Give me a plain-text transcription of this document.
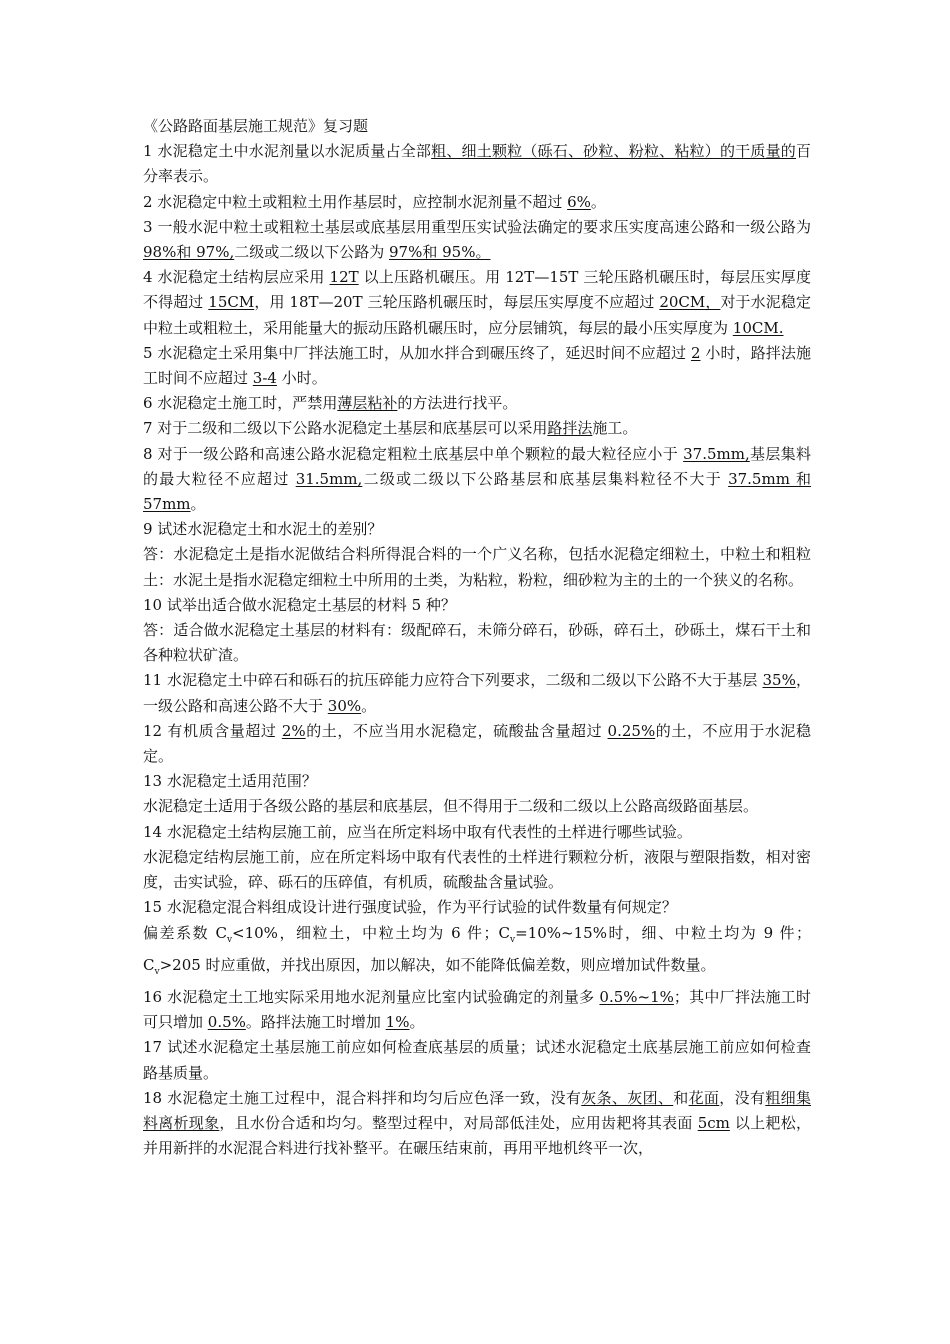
《公路路面基层施工规范》复习题

1 水泥稳定土中水泥剂量以水泥质量占全部粗、细土颗粒（砾石、砂粒、粉粒、粘粒）的干质量的百分率表示。

2 水泥稳定中粒土或粗粒土用作基层时，应控制水泥剂量不超过 6%。

3 一般水泥中粒土或粗粒土基层或底基层用重型压实试验法确定的要求压实度高速公路和一级公路为 98%和 97%,二级或二级以下公路为 97%和 95%。

4 水泥稳定土结构层应采用 12T 以上压路机碾压。用 12T—15T 三轮压路机碾压时，每层压实厚度不得超过 15CM，用 18T—20T 三轮压路机碾压时，每层压实厚度不应超过 20CM，对于水泥稳定中粒土或粗粒土，采用能量大的振动压路机碾压时，应分层铺筑，每层的最小压实厚度为 10CM.

5 水泥稳定土采用集中厂拌法施工时，从加水拌合到碾压终了，延迟时间不应超过 2 小时，路拌法施工时间不应超过 3-4 小时。

6 水泥稳定土施工时，严禁用薄层粘补的方法进行找平。

7 对于二级和二级以下公路水泥稳定土基层和底基层可以采用路拌法施工。

8 对于一级公路和高速公路水泥稳定粗粒土底基层中单个颗粒的最大粒径应小于 37.5mm,基层集料的最大粒径不应超过 31.5mm,二级或二级以下公路基层和底基层集料粒径不大于 37.5mm 和 57mm。

9 试述水泥稳定土和水泥土的差别？

答：水泥稳定土是指水泥做结合料所得混合料的一个广义名称，包括水泥稳定细粒土，中粒土和粗粒土：水泥土是指水泥稳定细粒土中所用的土类，为粘粒，粉粒，细砂粒为主的土的一个狭义的名称。

10 试举出适合做水泥稳定土基层的材料 5 种？

答：适合做水泥稳定土基层的材料有：级配碎石，未筛分碎石，砂砾，碎石土，砂砾土，煤石干土和各种粒状矿渣。

11 水泥稳定土中碎石和砾石的抗压碎能力应符合下列要求，二级和二级以下公路不大于基层 35%，一级公路和高速公路不大于 30%。

12 有机质含量超过 2%的土，不应当用水泥稳定，硫酸盐含量超过 0.25%的土，不应用于水泥稳定。

13 水泥稳定土适用范围？

水泥稳定土适用于各级公路的基层和底基层，但不得用于二级和二级以上公路高级路面基层。

14 水泥稳定土结构层施工前，应当在所定料场中取有代表性的土样进行哪些试验。

水泥稳定结构层施工前，应在所定料场中取有代表性的土样进行颗粒分析，液限与塑限指数，相对密度，击实试验，碎、砾石的压碎值，有机质，硫酸盐含量试验。

15 水泥稳定混合料组成设计进行强度试验，作为平行试验的试件数量有何规定？

偏差系数 $C_v<10\%$，细粒土，中粒土均为 6 件；$C_v=10\%\sim 15\%$时，细、中粒土均为 9 件；$C_v>205$ 时应重做，并找出原因，加以解决，如不能降低偏差数，则应增加试件数量。

16 水泥稳定土工地实际采用地水泥剂量应比室内试验确定的剂量多 0.5%~1%；其中厂拌法施工时可只增加 0.5%。路拌法施工时增加 1%。

17 试述水泥稳定土基层施工前应如何检查底基层的质量；试述水泥稳定土底基层施工前应如何检查路基质量。

18 水泥稳定土施工过程中，混合料拌和均匀后应色泽一致，没有灰条、灰团、和花面，没有粗细集料离析现象，且水份合适和均匀。整型过程中，对局部低洼处，应用齿耙将其表面 5cm 以上耙松，并用新拌的水泥混合料进行找补整平。在碾压结束前，再用平地机终平一次，
